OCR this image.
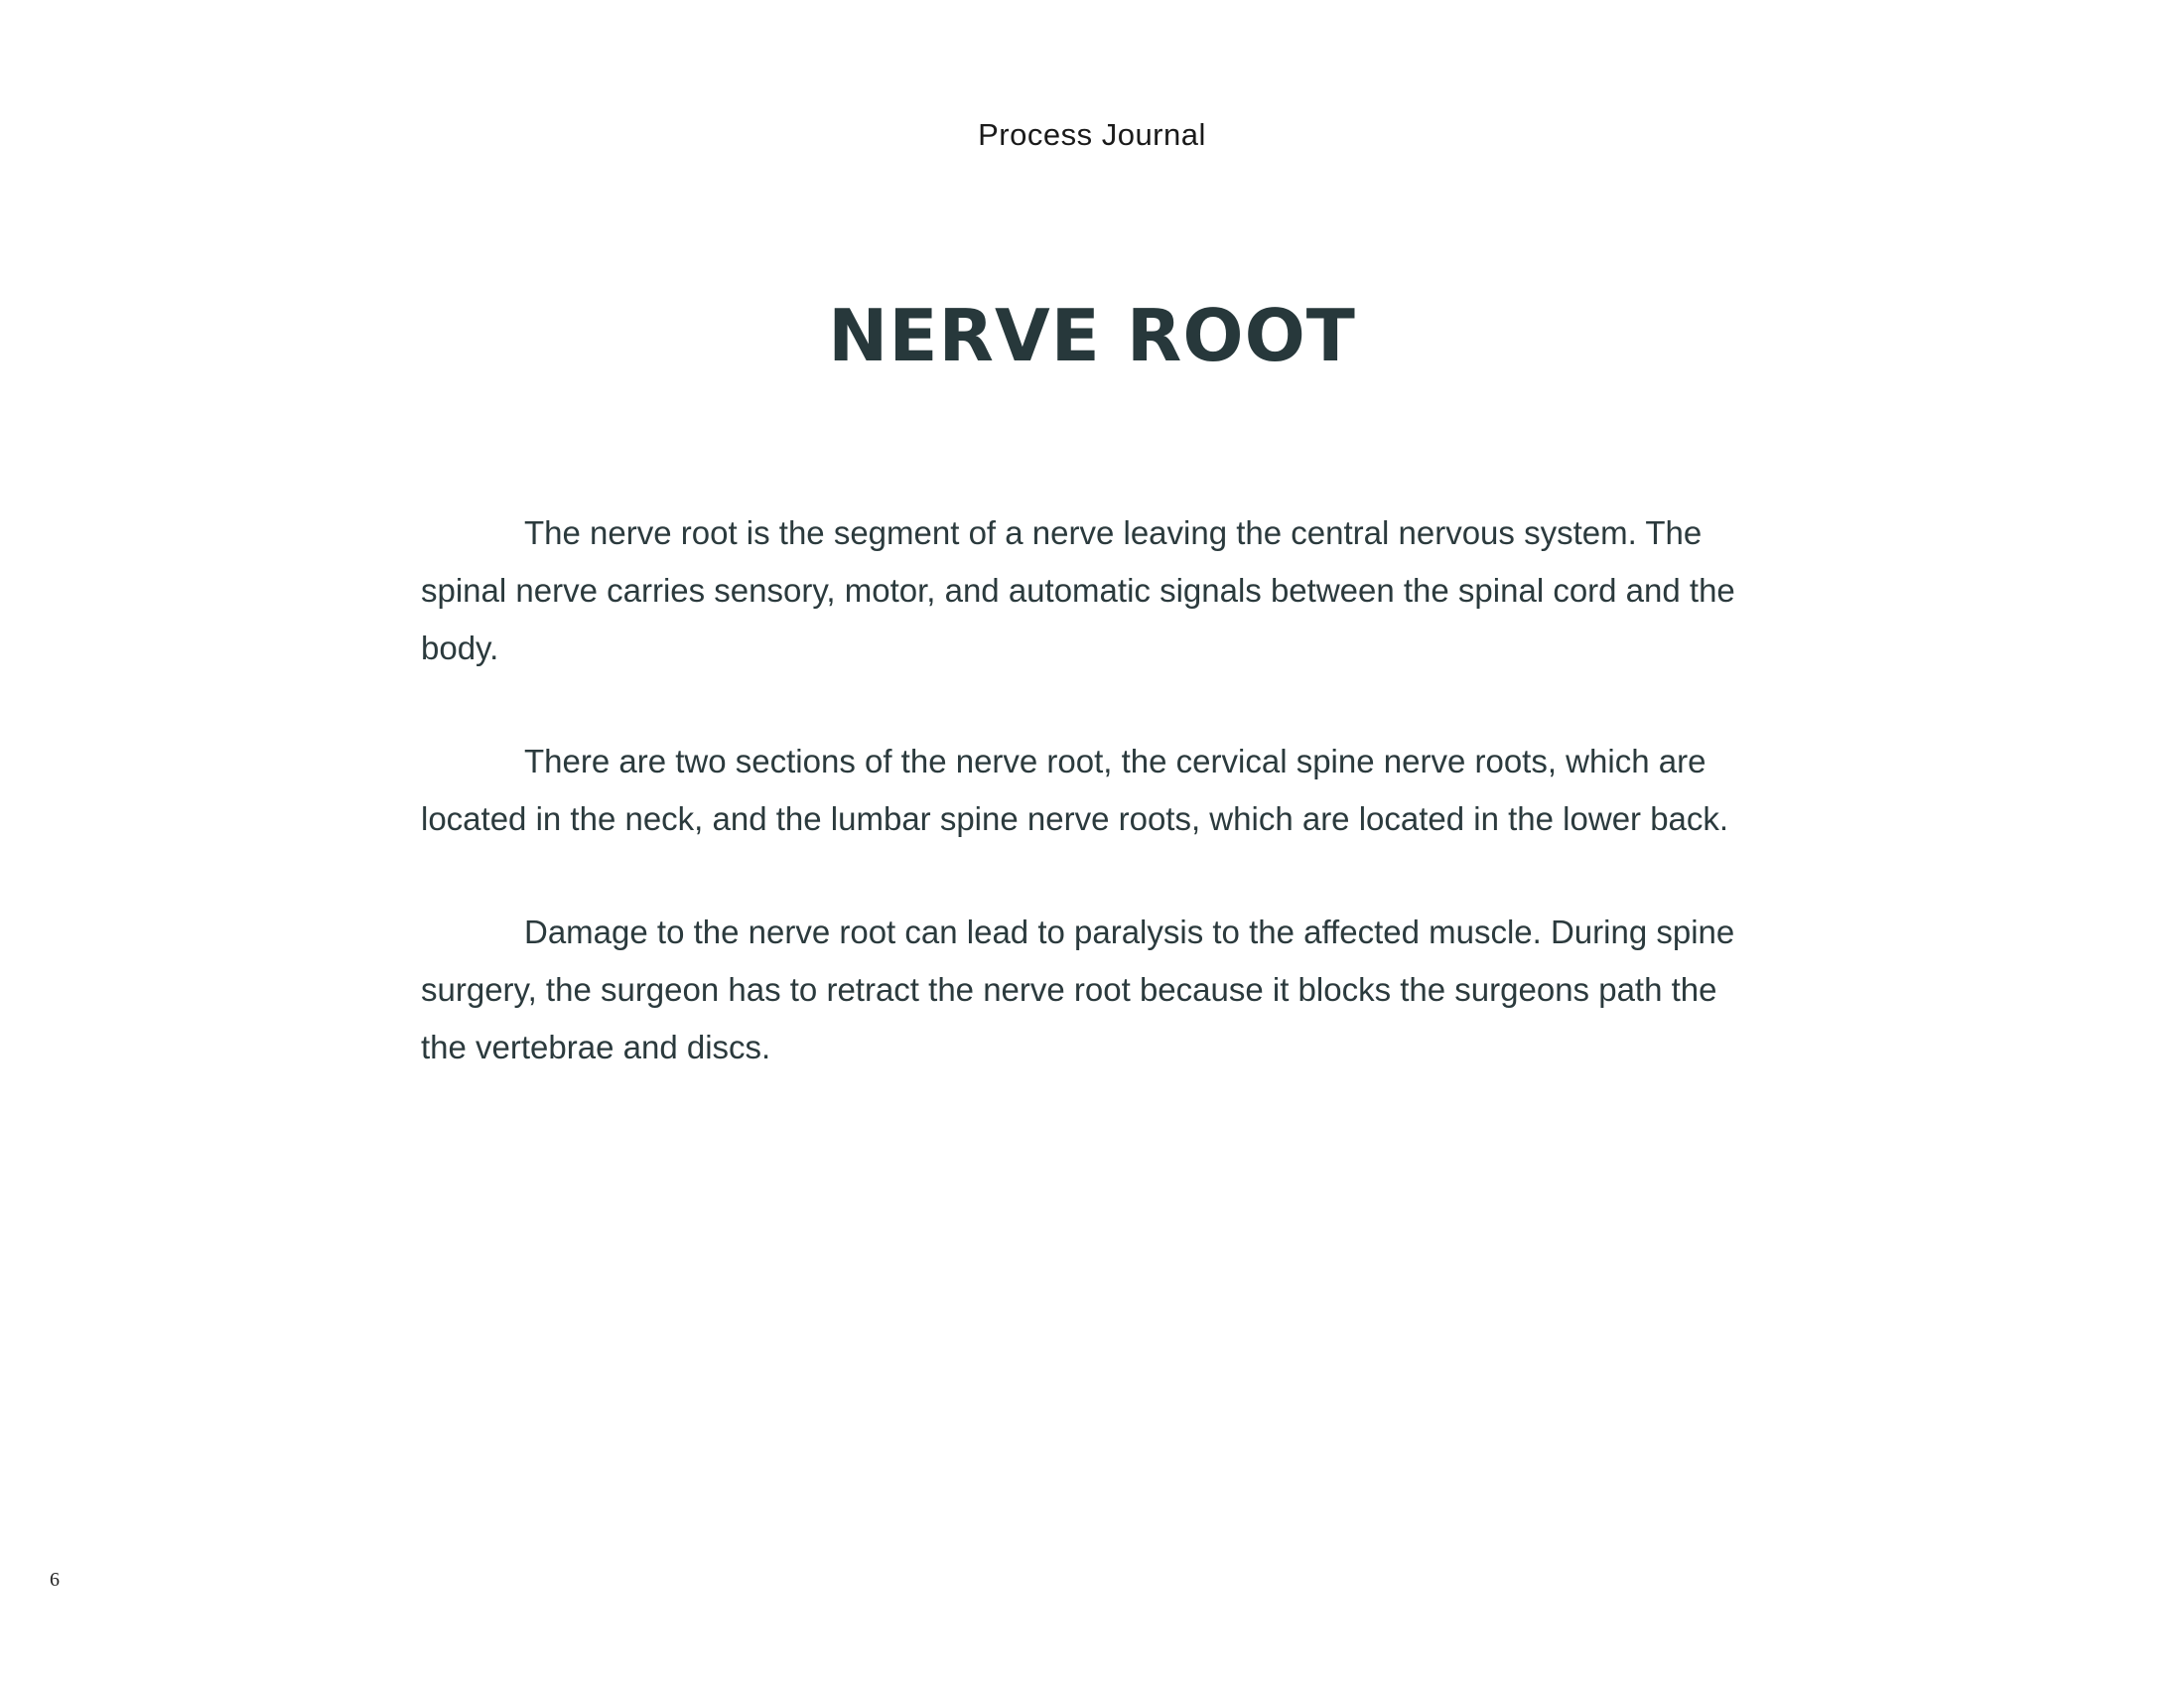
Process Journal
NERVE ROOT

The nerve root is the segment of a nerve leaving the central nervous system. The spinal nerve carries sensory, motor, and automatic signals between the spinal cord and the body.

There are two sections of the nerve root, the cervical spine nerve roots, which are located in the neck, and the lumbar spine nerve roots, which are located in the lower back.

Damage to the nerve root can lead to paralysis to the affected muscle. During spine surgery, the surgeon has to retract the nerve root because it blocks the surgeons path the the vertebrae and discs.

6
